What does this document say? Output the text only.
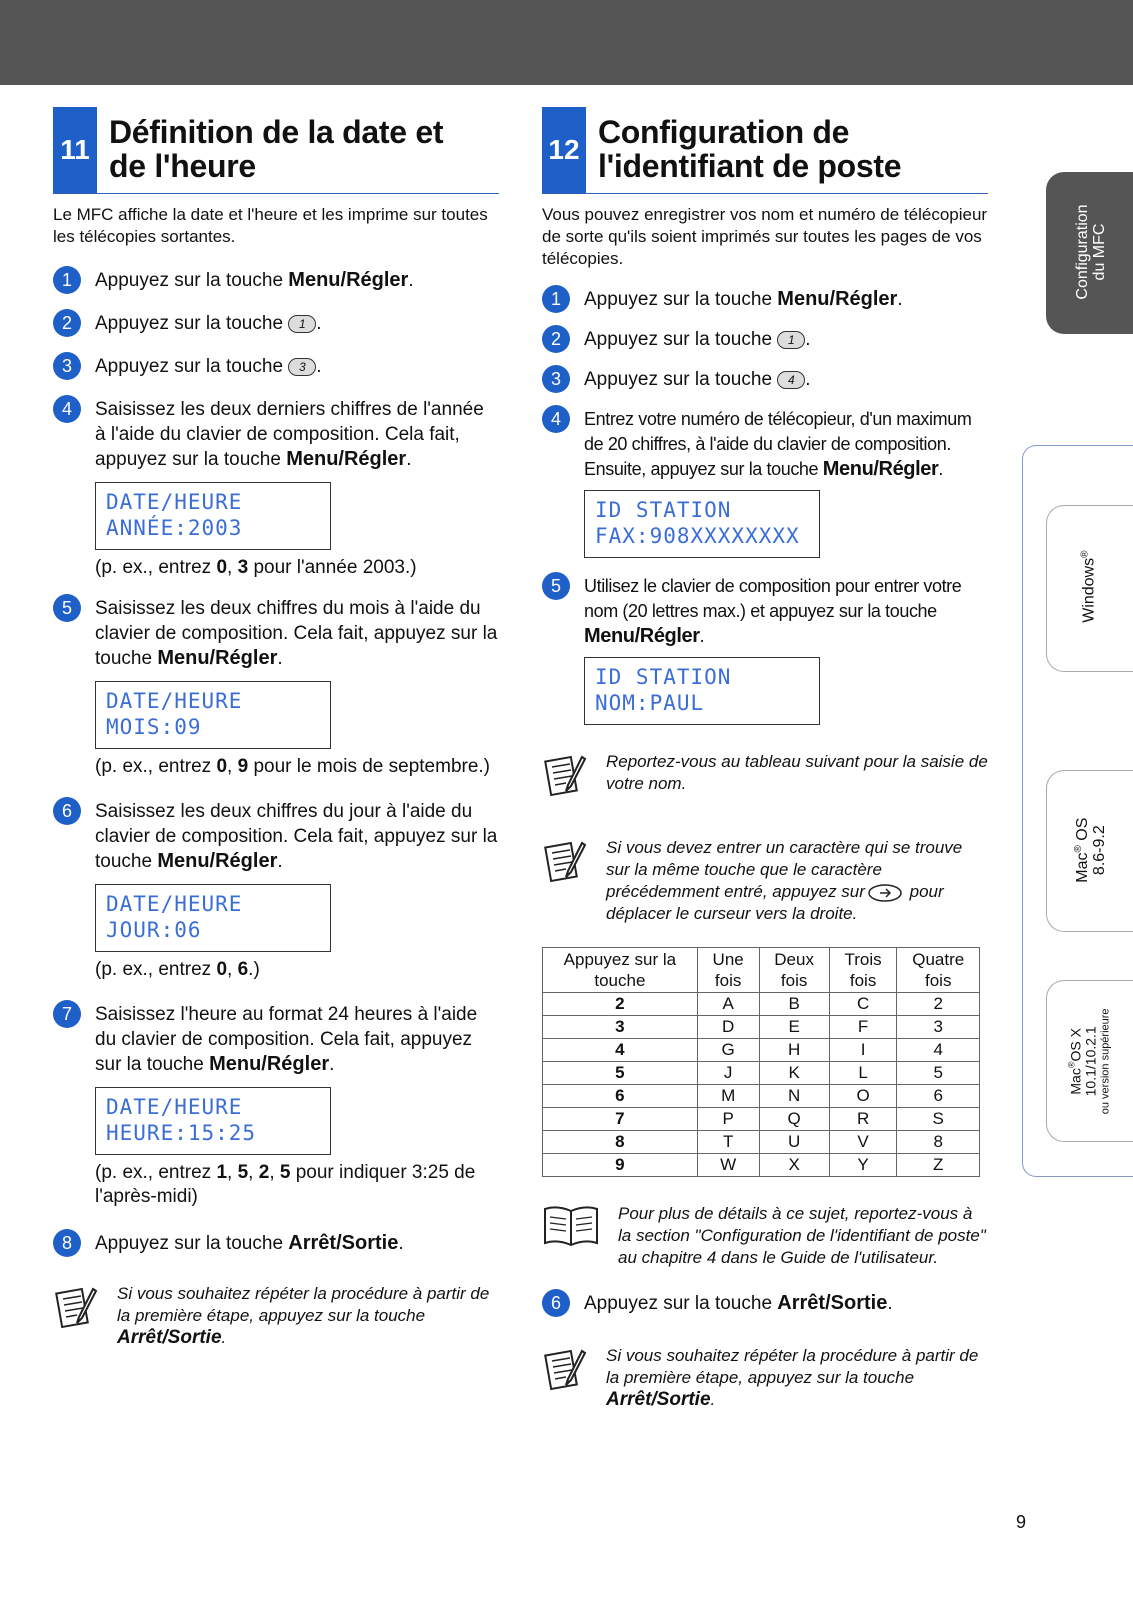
11 Définition de la date et
de l'heure
Le MFC affiche la date et l'heure et les imprime sur toutes les télécopies sortantes.
1	Appuyez sur la touche Menu/Régler.
2	Appuyez sur la touche 1 .
3	Appuyez sur la touche 3 .
4	Saisissez les deux derniers chiffres de l'année à l'aide du clavier de composition. Cela fait, appuyez sur la touche Menu/Régler.
DATE/HEURE
ANNÉE:2003
(p. ex., entrez 0, 3 pour l'année 2003.)
5	Saisissez les deux chiffres du mois à l'aide du clavier de composition. Cela fait, appuyez sur la touche Menu/Régler.
DATE/HEURE
MOIS:09
(p. ex., entrez 0, 9 pour le mois de septembre.)
6	Saisissez les deux chiffres du jour à l'aide du clavier de composition. Cela fait, appuyez sur la touche Menu/Régler.
DATE/HEURE
JOUR:06
(p. ex., entrez 0, 6.)
7	Saisissez l'heure au format 24 heures à l'aide du clavier de composition. Cela fait, appuyez sur la touche Menu/Régler.
DATE/HEURE
HEURE:15:25
(p. ex., entrez 1, 5, 2, 5 pour indiquer 3:25 de l'après-midi)
8	Appuyez sur la touche Arrêt/Sortie.
Si vous souhaitez répéter la procédure à partir de la première étape, appuyez sur la touche Arrêt/Sortie.
12 Configuration de
l'identifiant de poste
Vous pouvez enregistrer vos nom et numéro de télécopieur de sorte qu'ils soient imprimés sur toutes les pages de vos télécopies.
1	Appuyez sur la touche Menu/Régler.
2	Appuyez sur la touche 1 .
3	Appuyez sur la touche 4 .
4	Entrez votre numéro de télécopieur, d'un maximum de 20 chiffres, à l'aide du clavier de composition. Ensuite, appuyez sur la touche Menu/Régler.
ID STATION
FAX:908XXXXXXXX
5	Utilisez le clavier de composition pour entrer votre nom (20 lettres max.) et appuyez sur la touche Menu/Régler.
ID STATION
NOM:PAUL
Reportez-vous au tableau suivant pour la saisie de votre nom.
Si vous devez entrer un caractère qui se trouve sur la même touche que le caractère précédemment entré, appuyez sur pour déplacer le curseur vers la droite.
Appuyez sur la touche	Une fois	Deux fois	Trois fois	Quatre fois
2	A	B	C	2
3	D	E	F	3
4	G	H	I	4
5	J	K	L	5
6	M	N	O	6
7	P	Q	R	S
8	T	U	V	8
9	W	X	Y	Z
Pour plus de détails à ce sujet, reportez-vous à la section "Configuration de l'identifiant de poste" au chapitre 4 dans le Guide de l'utilisateur.
6	Appuyez sur la touche Arrêt/Sortie.
Si vous souhaitez répéter la procédure à partir de la première étape, appuyez sur la touche Arrêt/Sortie.
Configuration du MFC
Windows®
Mac® OS 8.6-9.2
Mac®OS X 10.1/10.2.1 ou version supérieure
9
